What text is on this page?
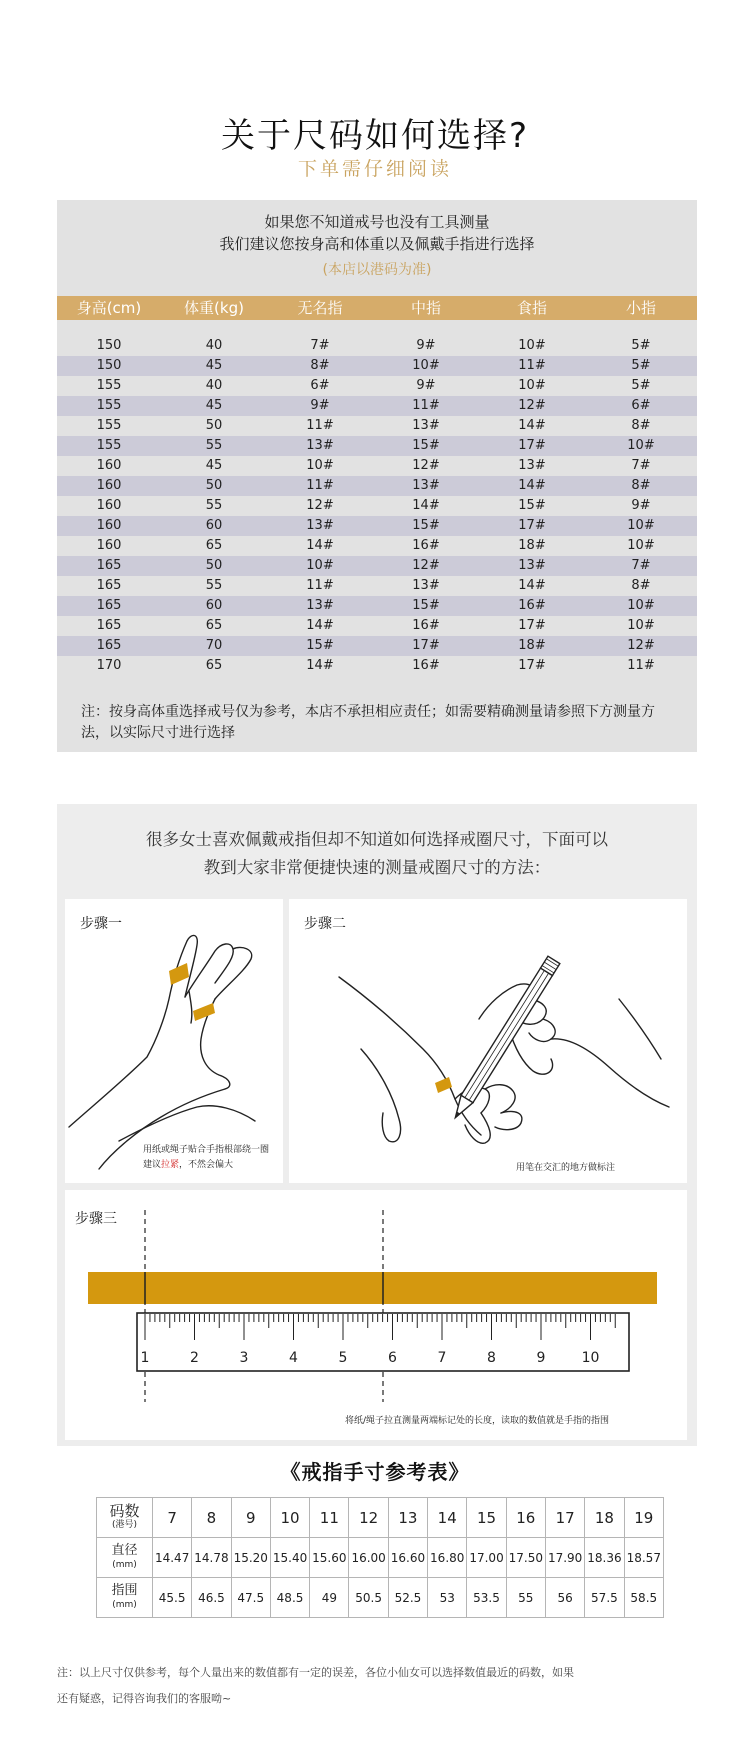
关于尺码如何选择?
下单需仔细阅读
如果您不知道戒号也没有工具测量
我们建议您按身高和体重以及佩戴手指进行选择
(本店以港码为准)
身高(cm)	体重(kg)	无名指	中指	食指	小指
150	40	7#	9#	10#	5#
150	45	8#	10#	11#	5#
155	40	6#	9#	10#	5#
155	45	9#	11#	12#	6#
155	50	11#	13#	14#	8#
155	55	13#	15#	17#	10#
160	45	10#	12#	13#	7#
160	50	11#	13#	14#	8#
160	55	12#	14#	15#	9#
160	60	13#	15#	17#	10#
160	65	14#	16#	18#	10#
165	50	10#	12#	13#	7#
165	55	11#	13#	14#	8#
165	60	13#	15#	16#	10#
165	65	14#	16#	17#	10#
165	70	15#	17#	18#	12#
170	65	14#	16#	17#	11#
注：按身高体重选择戒号仅为参考，本店不承担相应责任；如需要精确测量请参照下方测量方法，以实际尺寸进行选择
很多女士喜欢佩戴戒指但却不知道如何选择戒圈尺寸，下面可以
教到大家非常便捷快速的测量戒圈尺寸的方法：
步骤一
用纸或绳子贴合手指根部绕一圈
建议拉紧，不然会偏大
步骤二
用笔在交汇的地方做标注
步骤三
1	2	3	4	5	6	7	8	9	10
将纸/绳子拉直测量两端标记处的长度，读取的数值就是手指的指围
《戒指手寸参考表》
码数
(港号)	7	8	9	10	11	12	13	14	15	16	17	18	19
直径
(mm)	14.47	14.78	15.20	15.40	15.60	16.00	16.60	16.80	17.00	17.50	17.90	18.36	18.57
指围
(mm)	45.5	46.5	47.5	48.5	49	50.5	52.5	53	53.5	55	56	57.5	58.5
注：以上尺寸仅供参考，每个人量出来的数值都有一定的误差，各位小仙女可以选择数值最近的码数，如果
还有疑惑，记得咨询我们的客服呦~
